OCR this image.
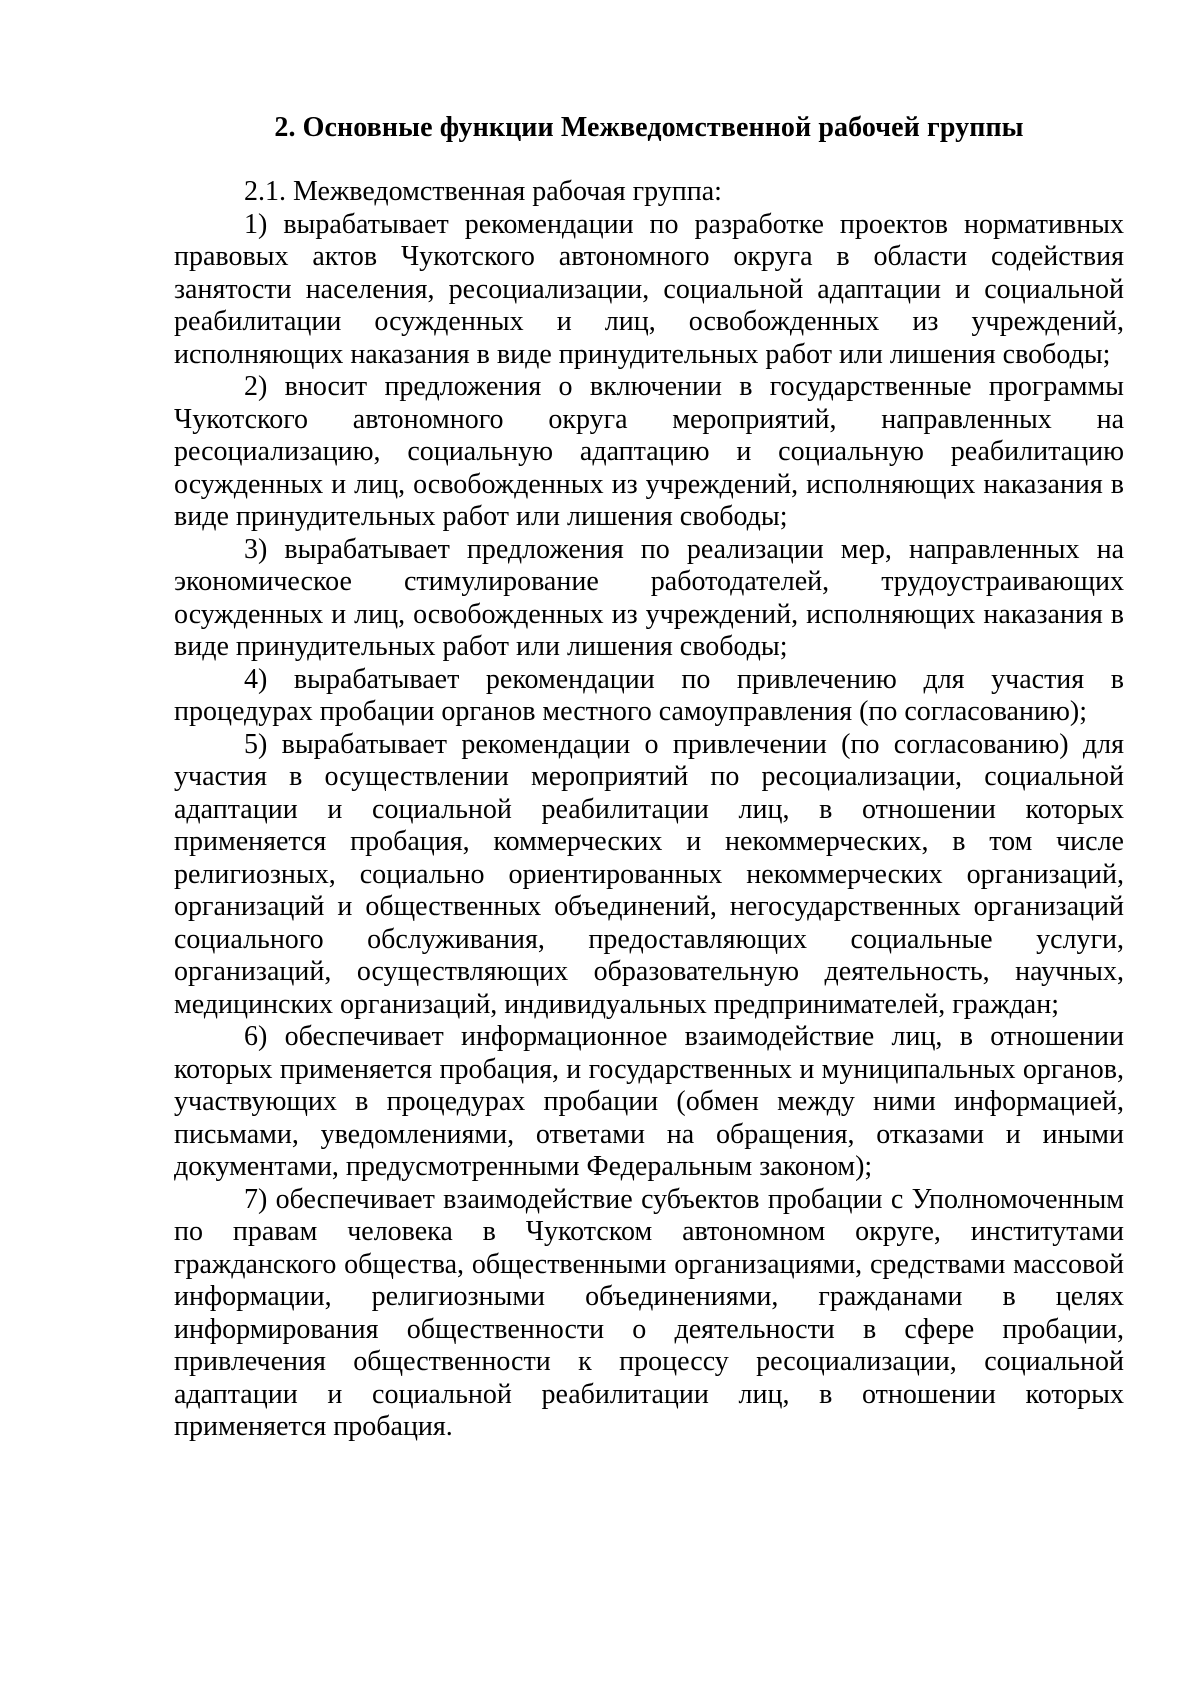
2. Основные функции Межведомственной рабочей группы

2.1. Межведомственная рабочая группа:

1) вырабатывает рекомендации по разработке проектов нормативных правовых актов Чукотского автономного округа в области содействия занятости населения, ресоциализации, социальной адаптации и социальной реабилитации осужденных и лиц, освобожденных из учреждений, исполняющих наказания в виде принудительных работ или лишения свободы;

2) вносит предложения о включении в государственные программы Чукотского автономного округа мероприятий, направленных на ресоциализацию, социальную адаптацию и социальную реабилитацию осужденных и лиц, освобожденных из учреждений, исполняющих наказания в виде принудительных работ или лишения свободы;

3) вырабатывает предложения по реализации мер, направленных на экономическое стимулирование работодателей, трудоустраивающих осужденных и лиц, освобожденных из учреждений, исполняющих наказания в виде принудительных работ или лишения свободы;

4) вырабатывает рекомендации по привлечению для участия в процедурах пробации органов местного самоуправления (по согласованию);

5) вырабатывает рекомендации о привлечении (по согласованию) для участия в осуществлении мероприятий по ресоциализации, социальной адаптации и социальной реабилитации лиц, в отношении которых применяется пробация, коммерческих и некоммерческих, в том числе религиозных, социально ориентированных некоммерческих организаций, организаций и общественных объединений, негосударственных организаций социального обслуживания, предоставляющих социальные услуги, организаций, осуществляющих образовательную деятельность, научных, медицинских организаций, индивидуальных предпринимателей, граждан;

6) обеспечивает информационное взаимодействие лиц, в отношении которых применяется пробация, и государственных и муниципальных органов, участвующих в процедурах пробации (обмен между ними информацией, письмами, уведомлениями, ответами на обращения, отказами и иными документами, предусмотренными Федеральным законом);

7) обеспечивает взаимодействие субъектов пробации с Уполномоченным по правам человека в Чукотском автономном округе, институтами гражданского общества, общественными организациями, средствами массовой информации, религиозными объединениями, гражданами в целях информирования общественности о деятельности в сфере пробации, привлечения общественности к процессу ресоциализации, социальной адаптации и социальной реабилитации лиц, в отношении которых применяется пробация.
